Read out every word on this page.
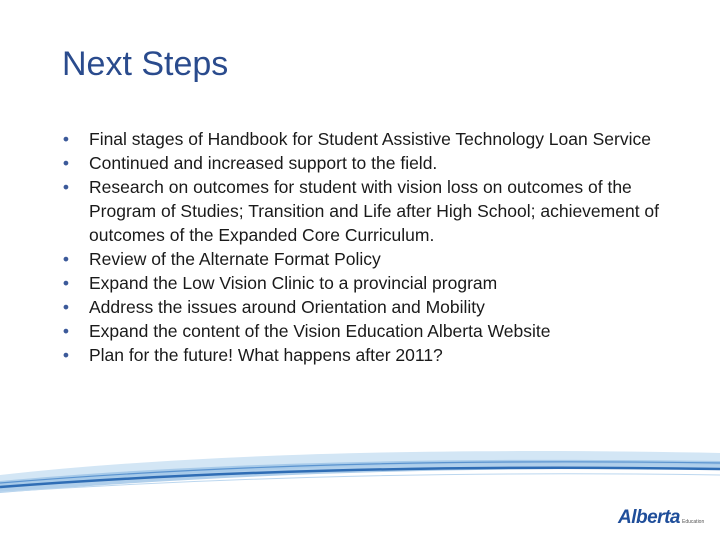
Next Steps
• Final stages of Handbook for Student Assistive Technology Loan Service
• Continued and increased support to the field.
• Research on outcomes for student with vision loss on outcomes of the Program of Studies; Transition and Life after High School; achievement of outcomes of the Expanded Core Curriculum.
• Review of the Alternate Format Policy
• Expand the Low Vision Clinic to a provincial program
• Address the issues around Orientation and Mobility
• Expand the content of the Vision Education Alberta Website
• Plan for the future! What happens after 2011?
Alberta Education
